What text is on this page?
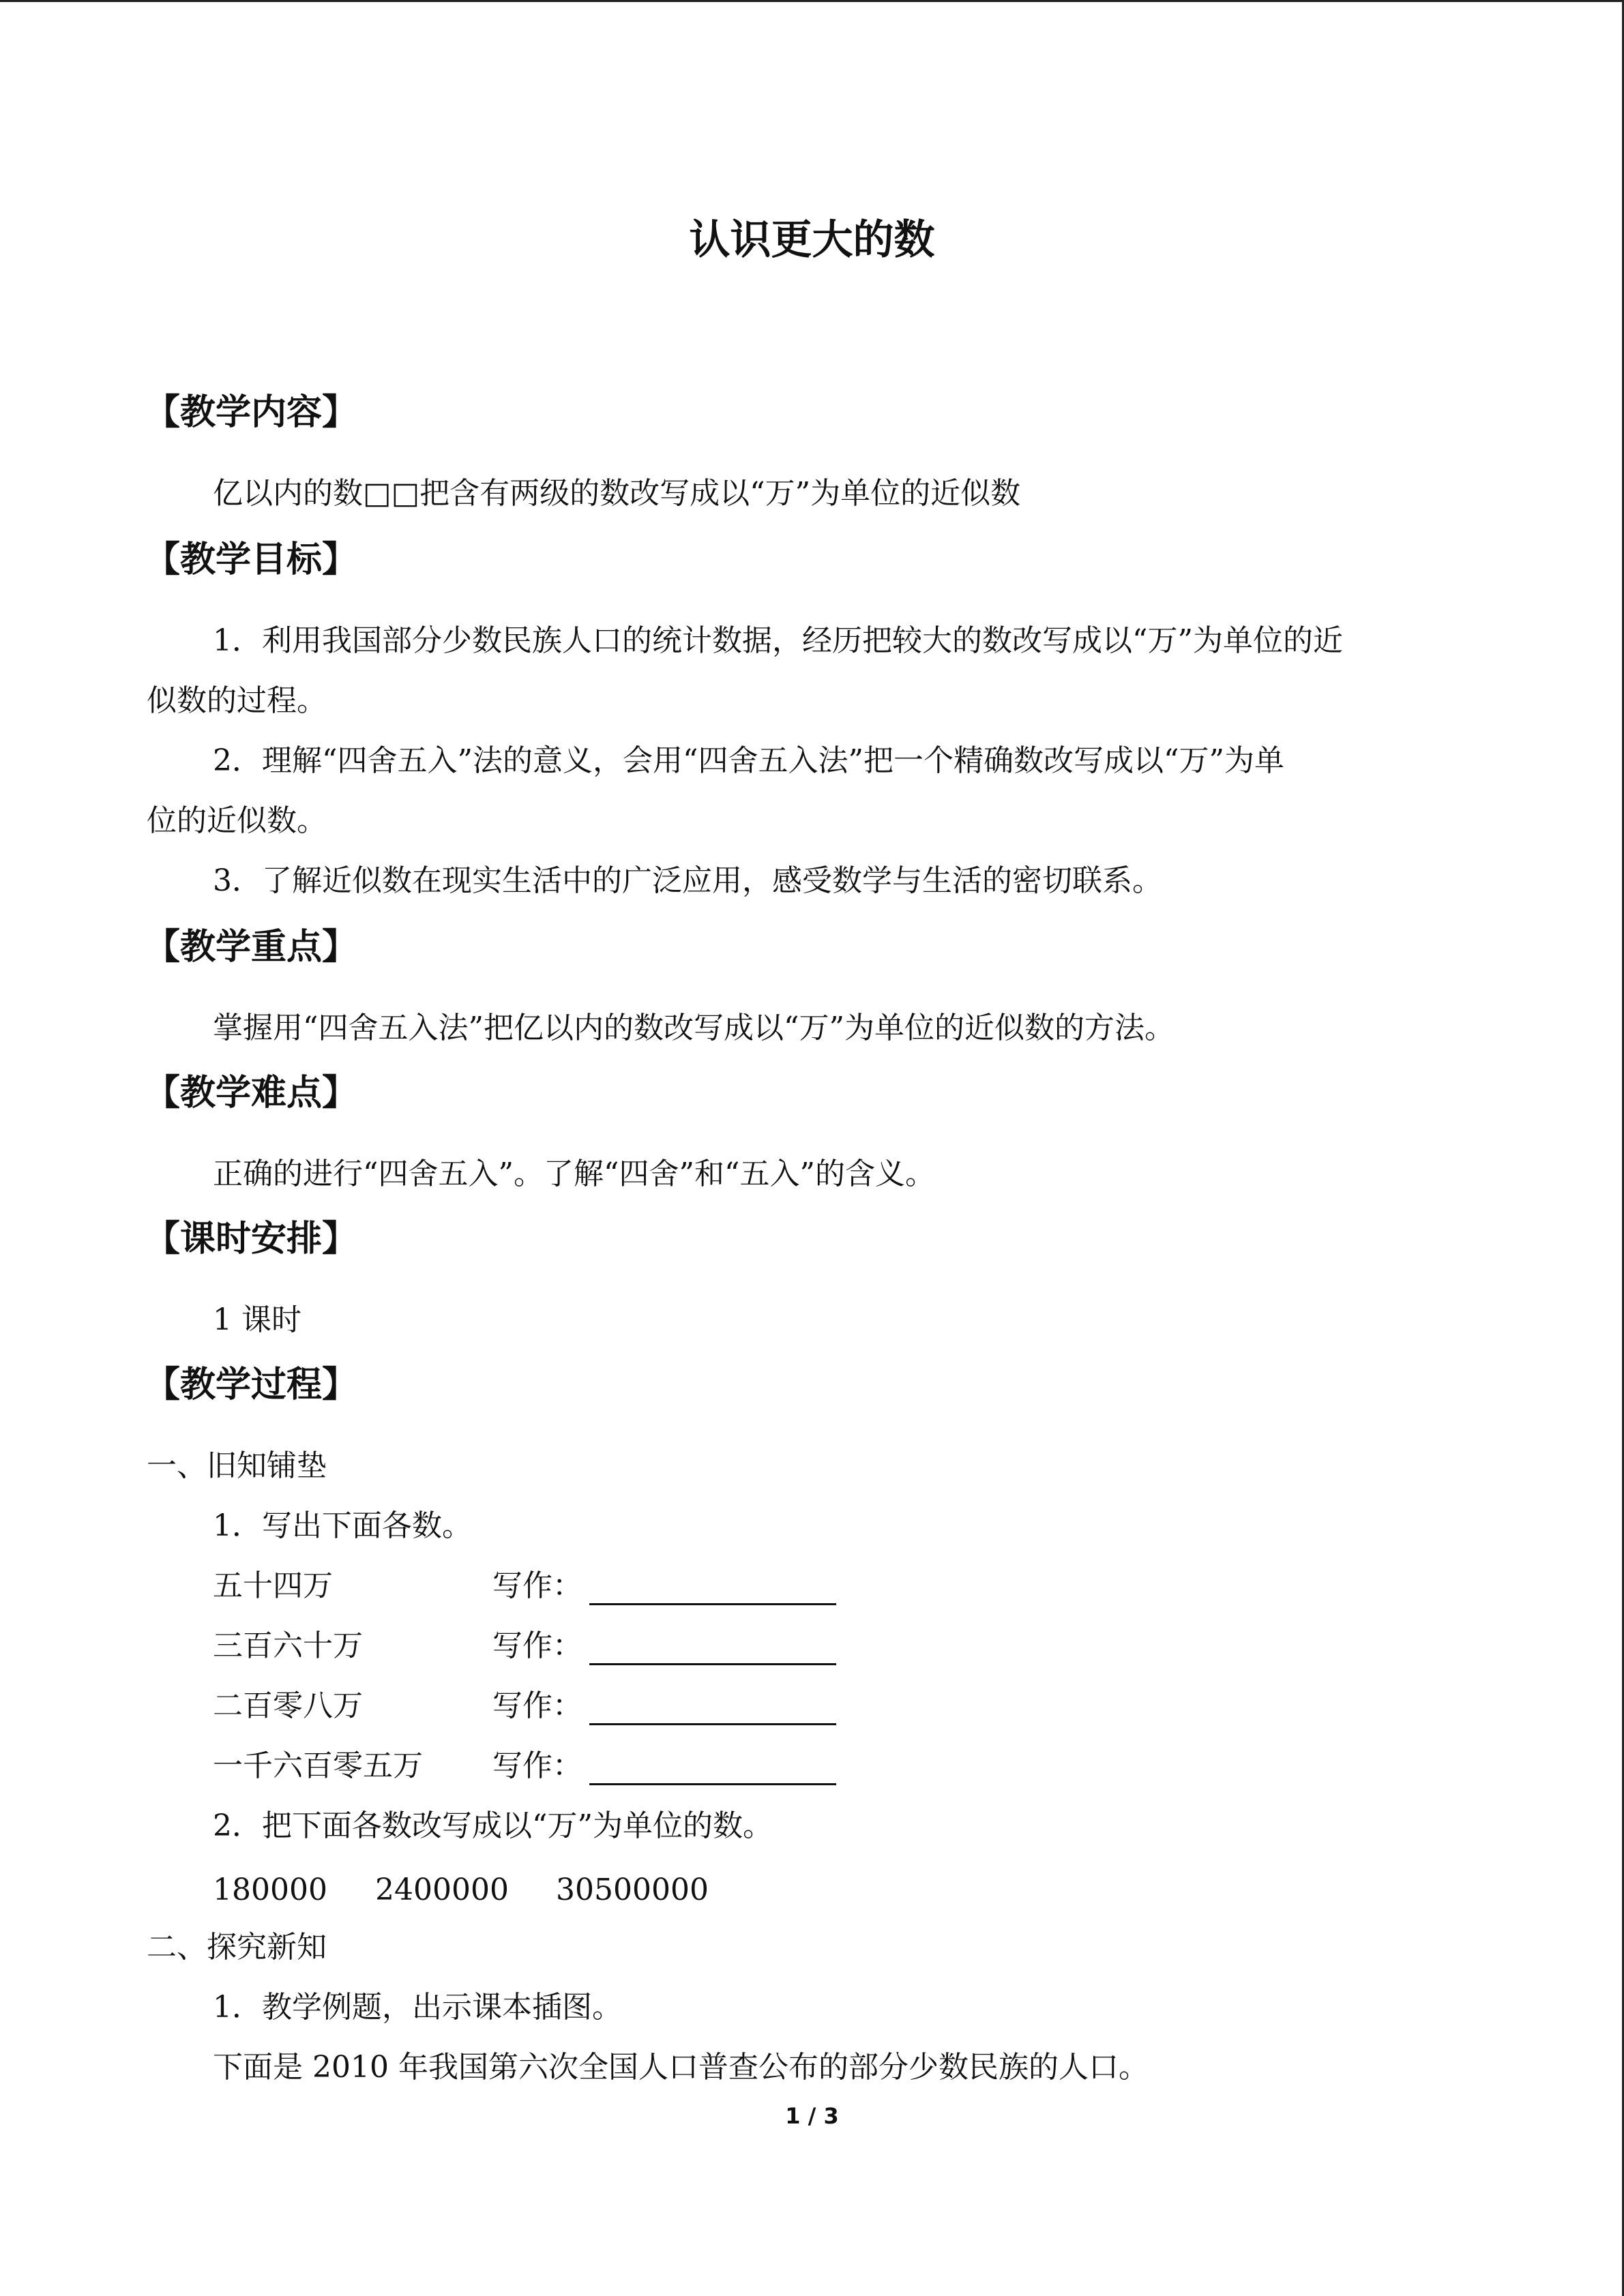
认识更大的数
【教学内容】
亿以内的数□□把含有两级的数改写成以“万”为单位的近似数
【教学目标】
1．利用我国部分少数民族人口的统计数据，经历把较大的数改写成以“万”为单位的近
似数的过程。
2．理解“四舍五入”法的意义，会用“四舍五入法”把一个精确数改写成以“万”为单
位的近似数。
3．了解近似数在现实生活中的广泛应用，感受数学与生活的密切联系。
【教学重点】
掌握用“四舍五入法”把亿以内的数改写成以“万”为单位的近似数的方法。
【教学难点】
正确的进行“四舍五入”。了解“四舍”和“五入”的含义。
【课时安排】
1 课时
【教学过程】
一、旧知铺垫
1．写出下面各数。
五十四万	写作：
三百六十万	写作：
二百零八万	写作：
一千六百零五万 写作：
2．把下面各数改写成以“万”为单位的数。
180000 2400000 30500000
二、探究新知
1．教学例题，出示课本插图。
下面是 2010 年我国第六次全国人口普查公布的部分少数民族的人口。
1 / 3
